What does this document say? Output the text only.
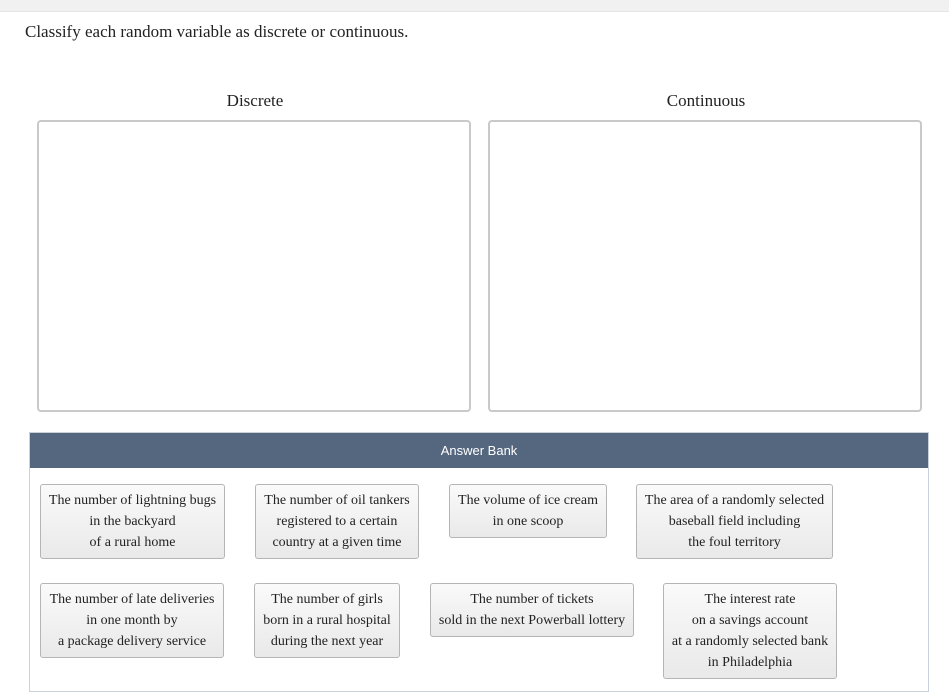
Classify each random variable as discrete or continuous.
Discrete	Continuous
Answer Bank
The number of lightning bugs
in the backyard
of a rural home
The number of oil tankers
registered to a certain
country at a given time
The volume of ice cream
in one scoop
The area of a randomly selected
baseball field including
the foul territory
The number of late deliveries
in one month by
a package delivery service
The number of girls
born in a rural hospital
during the next year
The number of tickets
sold in the next Powerball lottery
The interest rate
on a savings account
at a randomly selected bank
in Philadelphia
